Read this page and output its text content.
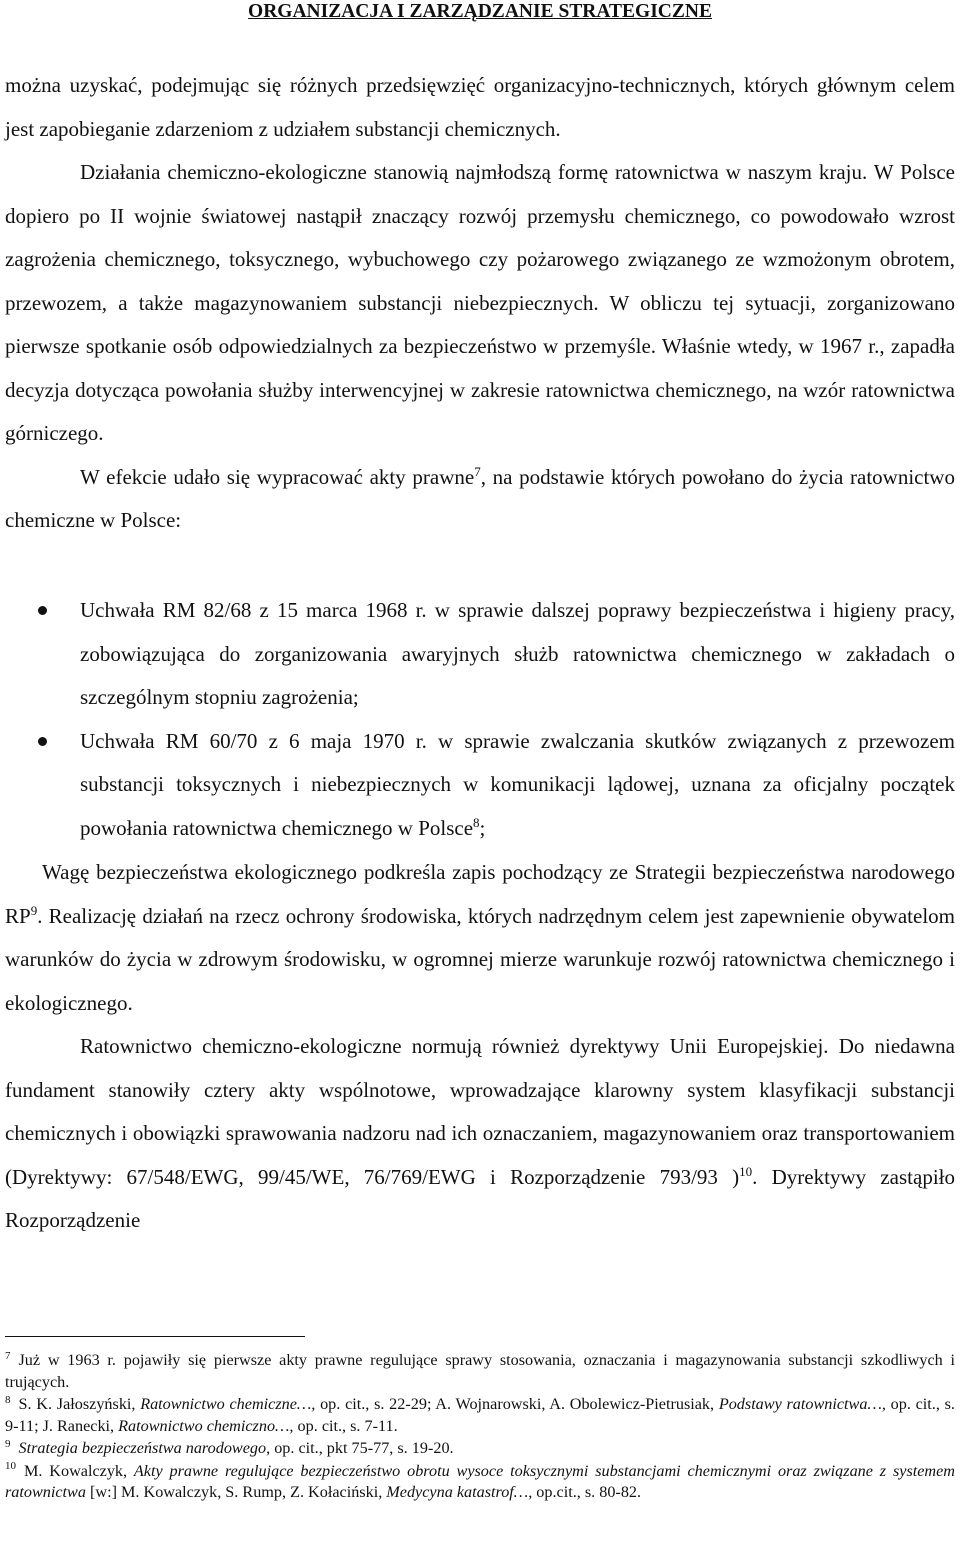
ORGANIZACJA I ZARZĄDZANIE STRATEGICZNE

można uzyskać, podejmując się różnych przedsięwzięć organizacyjno-technicznych, których głównym celem jest zapobieganie zdarzeniom z udziałem substancji chemicznych.

Działania chemiczno-ekologiczne stanowią najmłodszą formę ratownictwa w naszym kraju. W Polsce dopiero po II wojnie światowej nastąpił znaczący rozwój przemysłu chemicznego, co powodowało wzrost zagrożenia chemicznego, toksycznego, wybuchowego czy pożarowego związanego ze wzmożonym obrotem, przewozem, a także magazynowaniem substancji niebezpiecznych. W obliczu tej sytuacji, zorganizowano pierwsze spotkanie osób odpowiedzialnych za bezpieczeństwo w przemyśle. Właśnie wtedy, w 1967 r., zapadła decyzja dotycząca powołania służby interwencyjnej w zakresie ratownictwa chemicznego, na wzór ratownictwa górniczego.

W efekcie udało się wypracować akty prawne$^7$, na podstawie których powołano do życia ratownictwo chemiczne w Polsce:

Uchwała RM 82/68 z 15 marca 1968 r. w sprawie dalszej poprawy bezpieczeństwa i higieny pracy, zobowiązująca do zorganizowania awaryjnych służb ratownictwa chemicznego w zakładach o szczególnym stopniu zagrożenia;
Uchwała RM 60/70 z 6 maja 1970 r. w sprawie zwalczania skutków związanych z przewozem substancji toksycznych i niebezpiecznych w komunikacji lądowej, uznana za oficjalny początek powołania ratownictwa chemicznego w Polsce$^8$;

Wagę bezpieczeństwa ekologicznego podkreśla zapis pochodzący ze Strategii bezpieczeństwa narodowego $RP^9$. Realizację działań na rzecz ochrony środowiska, których nadrzędnym celem jest zapewnienie obywatelom warunków do życia w zdrowym środowisku, w ogromnej mierze warunkuje rozwój ratownictwa chemicznego i ekologicznego.

Ratownictwo chemiczno-ekologiczne normują również dyrektywy Unii Europejskiej. Do niedawna fundament stanowiły cztery akty wspólnotowe, wprowadzające klarowny system klasyfikacji substancji chemicznych i obowiązki sprawowania nadzoru nad ich oznaczaniem, magazynowaniem oraz transportowaniem (Dyrektywy: 67/548/EWG, 99/45/WE, 76/769/EWG i Rozporządzenie 793/93 )$^{10}$. Dyrektywy zastąpiło Rozporządzenie

$^7$ Już w 1963 r. pojawiły się pierwsze akty prawne regulujące sprawy stosowania, oznaczania i magazynowania substancji szkodliwych i trujących.

$^8$ S. K. Jałoszyński, Ratownictwo chemiczne…, op. cit., s. 22-29; A. Wojnarowski, A. Obolewicz-Pietrusiak, Podstawy ratownictwa…, op. cit., s. 9-11; J. Ranecki, Ratownictwo chemiczno…, op. cit., s. 7-11.

$^9$ Strategia bezpieczeństwa narodowego, op. cit., pkt 75-77, s. 19-20.

$^{10}$ M. Kowalczyk, Akty prawne regulujące bezpieczeństwo obrotu wysoce toksycznymi substancjami chemicznymi oraz związane z systemem ratownictwa [w:] M. Kowalczyk, S. Rump, Z. Kołaciński, Medycyna katastrof…, op.cit., s. 80-82.
